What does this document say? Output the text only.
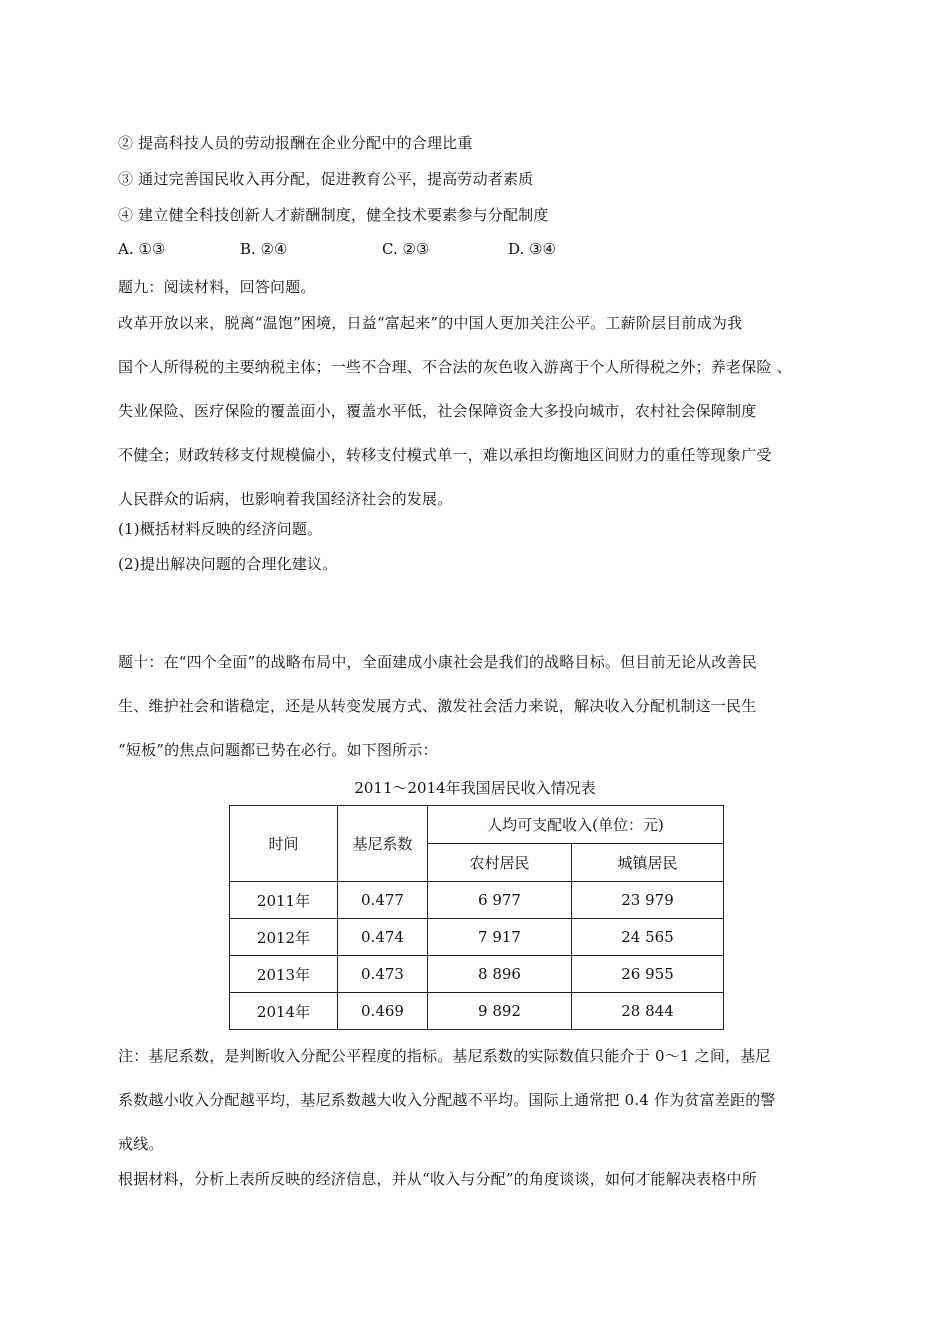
② 提高科技人员的劳动报酬在企业分配中的合理比重
③ 通过完善国民收入再分配，促进教育公平，提高劳动者素质
④ 建立健全科技创新人才薪酬制度，健全技术要素参与分配制度
A. ①③	B. ②④	C. ②③	D. ③④
题九：阅读材料，回答问题。
改革开放以来，脱离“温饱”困境，日益“富起来”的中国人更加关注公平。工薪阶层目前成为我
国个人所得税的主要纳税主体；一些不合理、不合法的灰色收入游离于个人所得税之外；养老保险 、
失业保险、医疗保险的覆盖面小，覆盖水平低，社会保障资金大多投向城市，农村社会保障制度
不健全；财政转移支付规模偏小，转移支付模式单一，难以承担均衡地区间财力的重任等现象广受
人民群众的诟病，也影响着我国经济社会的发展。
(1)概括材料反映的经济问题。
(2)提出解决问题的合理化建议。
题十：在“四个全面”的战略布局中，全面建成小康社会是我们的战略目标。但目前无论从改善民
生、维护社会和谐稳定，还是从转变发展方式、激发社会活力来说，解决收入分配机制这一民生
“短板”的焦点问题都已势在必行。如下图所示：
2011～2014年我国居民收入情况表
时间	基尼系数	人均可支配收入(单位：元)	
		农村居民	城镇居民
2011年	0.477	6 977	23 979
2012年	0.474	7 917	24 565
2013年	0.473	8 896	26 955
2014年	0.469	9 892	28 844
注：基尼系数，是判断收入分配公平程度的指标。基尼系数的实际数值只能介于 0～1 之间，基尼
系数越小收入分配越平均，基尼系数越大收入分配越不平均。国际上通常把 0.4 作为贫富差距的警
戒线。
根据材料，分析上表所反映的经济信息，并从“收入与分配”的角度谈谈，如何才能解决表格中所
